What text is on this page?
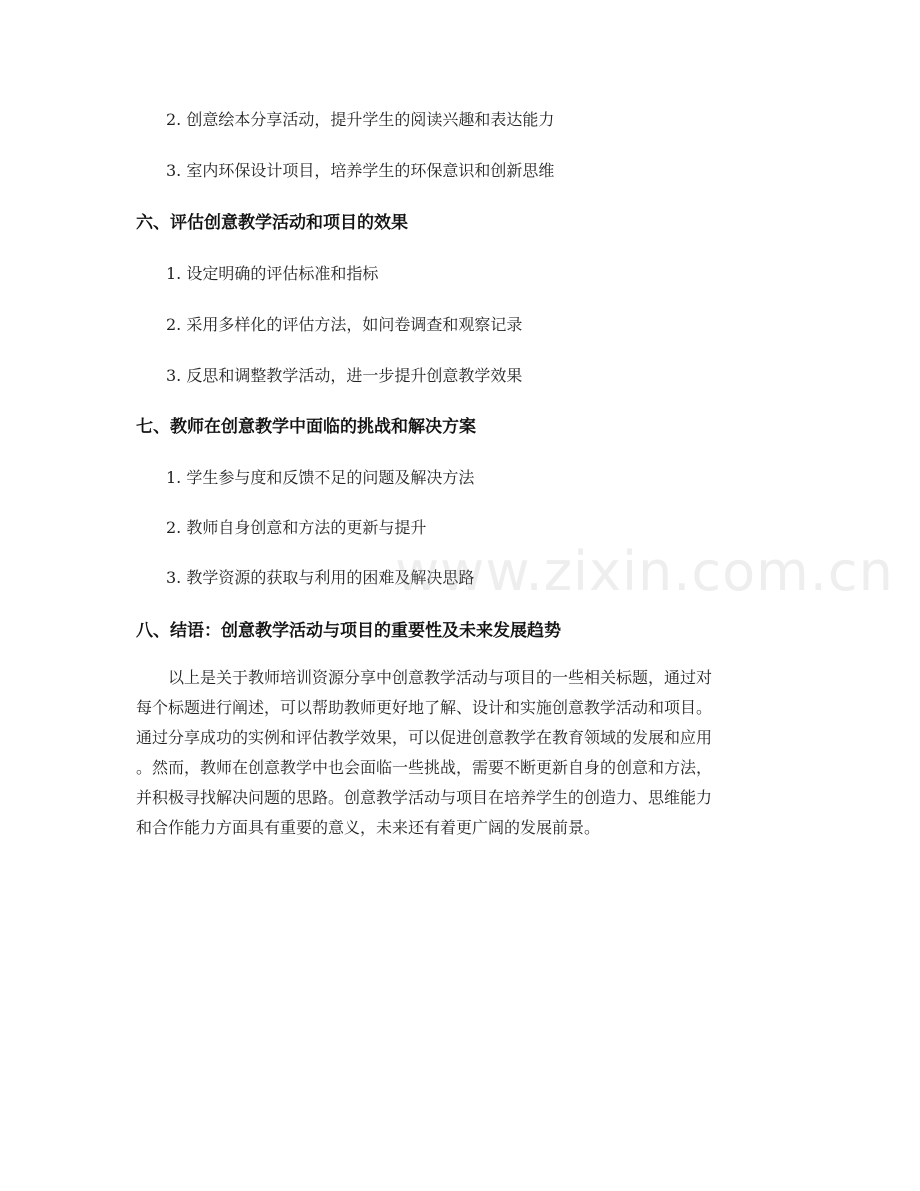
2. 创意绘本分享活动，提升学生的阅读兴趣和表达能力
3. 室内环保设计项目，培养学生的环保意识和创新思维
六、评估创意教学活动和项目的效果
1. 设定明确的评估标准和指标
2. 采用多样化的评估方法，如问卷调查和观察记录
3. 反思和调整教学活动，进一步提升创意教学效果
七、教师在创意教学中面临的挑战和解决方案
1. 学生参与度和反馈不足的问题及解决方法
2. 教师自身创意和方法的更新与提升
3. 教学资源的获取与利用的困难及解决思路
八、结语：创意教学活动与项目的重要性及未来发展趋势

以上是关于教师培训资源分享中创意教学活动与项目的一些相关标题，通过对
每个标题进行阐述，可以帮助教师更好地了解、设计和实施创意教学活动和项目。
通过分享成功的实例和评估教学效果，可以促进创意教学在教育领域的发展和应用
。然而，教师在创意教学中也会面临一些挑战，需要不断更新自身的创意和方法，
并积极寻找解决问题的思路。创意教学活动与项目在培养学生的创造力、思维能力
和合作能力方面具有重要的意义，未来还有着更广阔的发展前景。

www.zixin.com.cn
